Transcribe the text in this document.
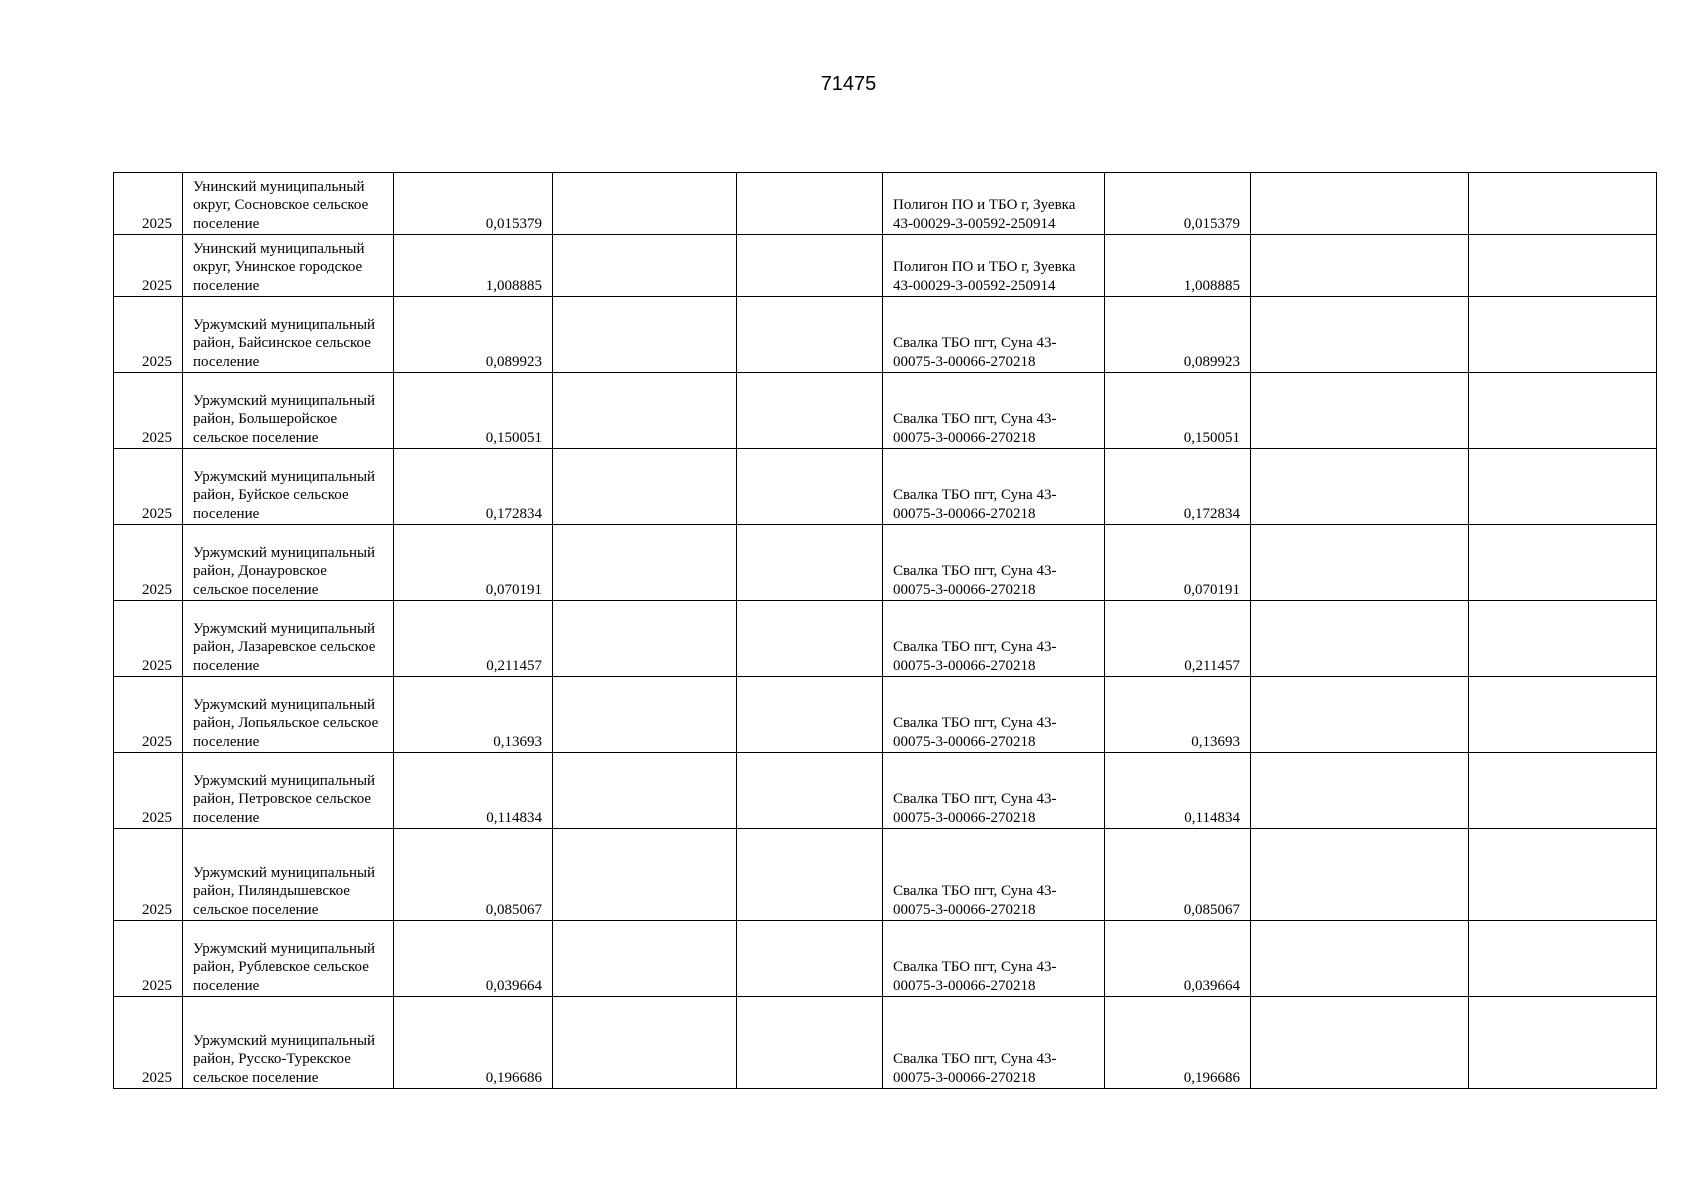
71475
2025	Унинский муниципальный округ, Сосновское сельское поселение	0,015379			Полигон ПО и ТБО г, Зуевка 43-00029-3-00592-250914	0,015379		
2025	Унинский муниципальный округ, Унинское городское поселение	1,008885			Полигон ПО и ТБО г, Зуевка 43-00029-3-00592-250914	1,008885		
2025	Уржумский муниципальный район, Байсинское сельское поселение	0,089923			Свалка ТБО пгт, Суна 43-00075-3-00066-270218	0,089923		
2025	Уржумский муниципальный район, Большеройское сельское поселение	0,150051			Свалка ТБО пгт, Суна 43-00075-3-00066-270218	0,150051		
2025	Уржумский муниципальный район, Буйское сельское поселение	0,172834			Свалка ТБО пгт, Суна 43-00075-3-00066-270218	0,172834		
2025	Уржумский муниципальный район, Донауровское сельское поселение	0,070191			Свалка ТБО пгт, Суна 43-00075-3-00066-270218	0,070191		
2025	Уржумский муниципальный район, Лазаревское сельское поселение	0,211457			Свалка ТБО пгт, Суна 43-00075-3-00066-270218	0,211457		
2025	Уржумский муниципальный район, Лопьяльское сельское поселение	0,13693			Свалка ТБО пгт, Суна 43-00075-3-00066-270218	0,13693		
2025	Уржумский муниципальный район, Петровское сельское поселение	0,114834			Свалка ТБО пгт, Суна 43-00075-3-00066-270218	0,114834		
2025	Уржумский муниципальный район, Пиляндышевское сельское поселение	0,085067			Свалка ТБО пгт, Суна 43-00075-3-00066-270218	0,085067		
2025	Уржумский муниципальный район, Рублевское сельское поселение	0,039664			Свалка ТБО пгт, Суна 43-00075-3-00066-270218	0,039664		
2025	Уржумский муниципальный район, Русско-Турекское сельское поселение	0,196686			Свалка ТБО пгт, Суна 43-00075-3-00066-270218	0,196686		
